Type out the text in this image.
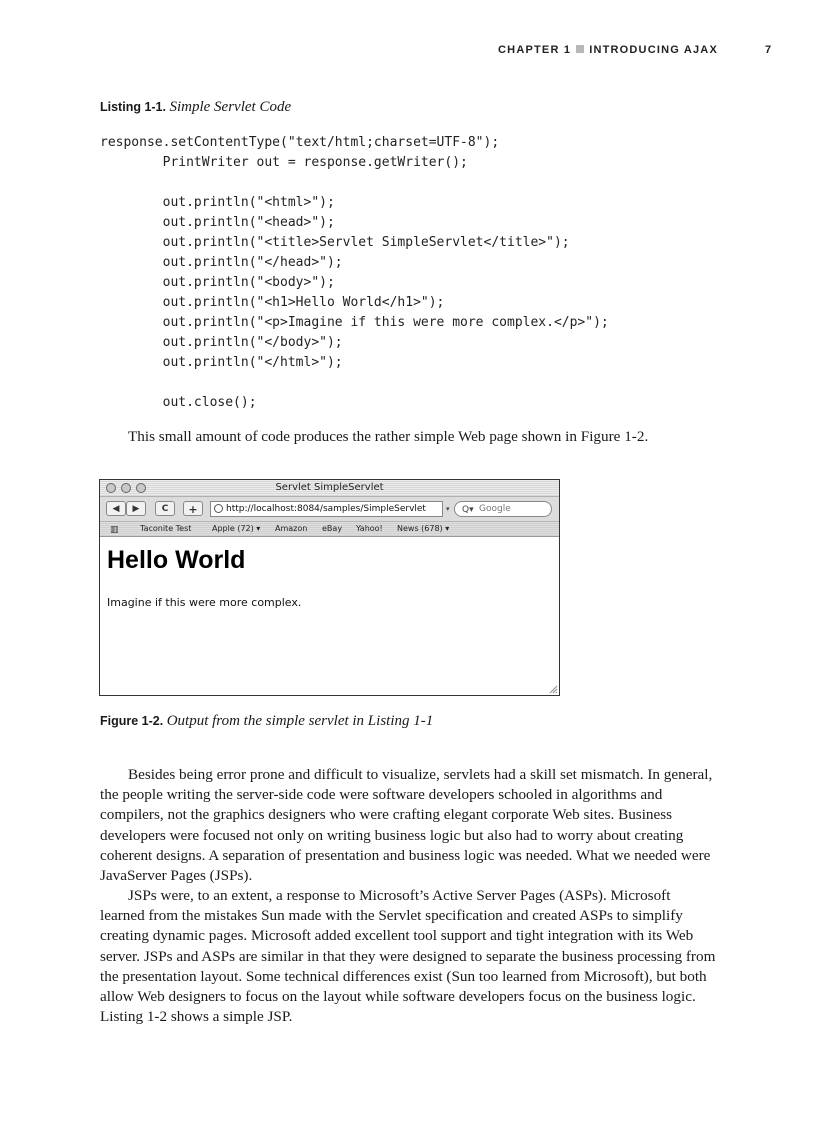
CHAPTER 1 INTRODUCING AJAX	7
Listing 1-1. Simple Servlet Code
response.setContentType("text/html;charset=UTF-8");
PrintWriter out = response.getWriter();

out.println("<html>");
out.println("<head>");
out.println("<title>Servlet SimpleServlet</title>");
out.println("</head>");
out.println("<body>");
out.println("<h1>Hello World</h1>");
out.println("<p>Imagine if this were more complex.</p>");
out.println("</body>");
out.println("</html>");

out.close();

This small amount of code produces the rather simple Web page shown in Figure 1-2.

Servlet SimpleServlet
◀	▶	C	+	http://localhost:8084/samples/SimpleServlet	▾ Q▾ Google
▥	Taconite Test	Apple (72) ▾ Amazon eBay Yahoo! News (678) ▾
Hello World

Imagine if this were more complex.

Figure 1-2. Output from the simple servlet in Listing 1-1

Besides being error prone and difficult to visualize, servlets had a skill set mismatch. In general, the people writing the server-side code were software developers schooled in algorithms and compilers, not the graphics designers who were crafting elegant corporate Web sites. Business developers were focused not only on writing business logic but also had to worry about creating coherent designs. A separation of presentation and business logic was needed. What we needed were JavaServer Pages (JSPs).

JSPs were, to an extent, a response to Microsoft’s Active Server Pages (ASPs). Microsoft learned from the mistakes Sun made with the Servlet specification and created ASPs to simplify creating dynamic pages. Microsoft added excellent tool support and tight integration with its Web server. JSPs and ASPs are similar in that they were designed to separate the business processing from the presentation layout. Some technical differences exist (Sun too learned from Microsoft), but both allow Web designers to focus on the layout while software developers focus on the business logic. Listing 1-2 shows a simple JSP.
